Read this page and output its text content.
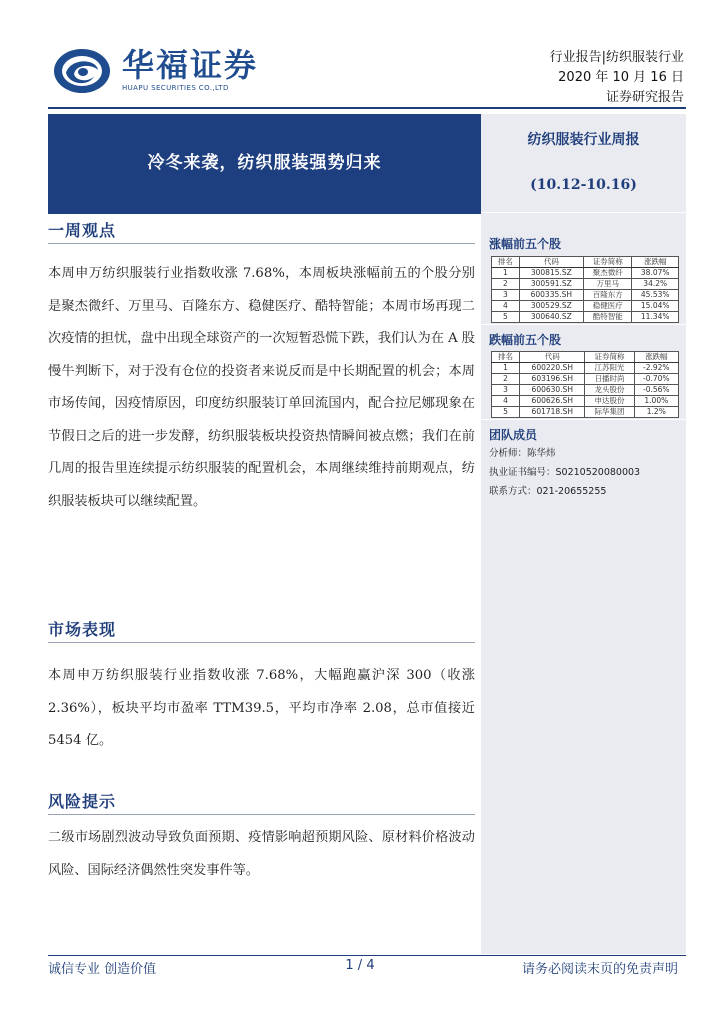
华福证券
HUAPU SECURITIES CO.,LTD
行业报告|纺织服装行业
2020 年 10 月 16 日
证券研究报告
冷冬来袭，纺织服装强势归来
纺织服装行业周报
(10.12-10.16)
涨幅前五个股
排名	代码	证券简称	涨跌幅
1	300815.SZ	聚杰微纤	38.07%
2	300591.SZ	万里马	34.2%
3	600335.SH	百隆东方	45.53%
4	300529.SZ	稳健医疗	15.04%
5	300640.SZ	酷特智能	11.34%
跌幅前五个股
排名	代码	证券简称	涨跌幅
1	600220.SH	江苏阳光	-2.92%
2	603196.SH	日播时尚	-0.70%
3	600630.SH	龙头股份	-0.56%
4	600626.SH	申达股份	1.00%
5	601718.SH	际华集团	1.2%
团队成员
分析师：陈华炜
执业证书编号：S0210520080003
联系方式：021-20655255
一周观点
本周申万纺织服装行业指数收涨 7.68%，本周板块涨幅前五的个股分别是聚杰微纤、万里马、百隆东方、稳健医疗、酷特智能；本周市场再现二次疫情的担忧，盘中出现全球资产的一次短暂恐慌下跌，我们认为在 A 股慢牛判断下，对于没有仓位的投资者来说反而是中长期配置的机会；本周市场传闻，因疫情原因，印度纺织服装订单回流国内，配合拉尼娜现象在节假日之后的进一步发酵，纺织服装板块投资热情瞬间被点燃；我们在前几周的报告里连续提示纺织服装的配置机会，本周继续维持前期观点，纺织服装板块可以继续配置。
市场表现
本周申万纺织服装行业指数收涨 7.68%，大幅跑赢沪深 300（收涨 2.36%），板块平均市盈率 TTM39.5，平均市净率 2.08，总市值接近 5454 亿。
风险提示
二级市场剧烈波动导致负面预期、疫情影响超预期风险、原材料价格波动风险、国际经济偶然性突发事件等。
诚信专业 创造价值	1 / 4	请务必阅读末页的免责声明
